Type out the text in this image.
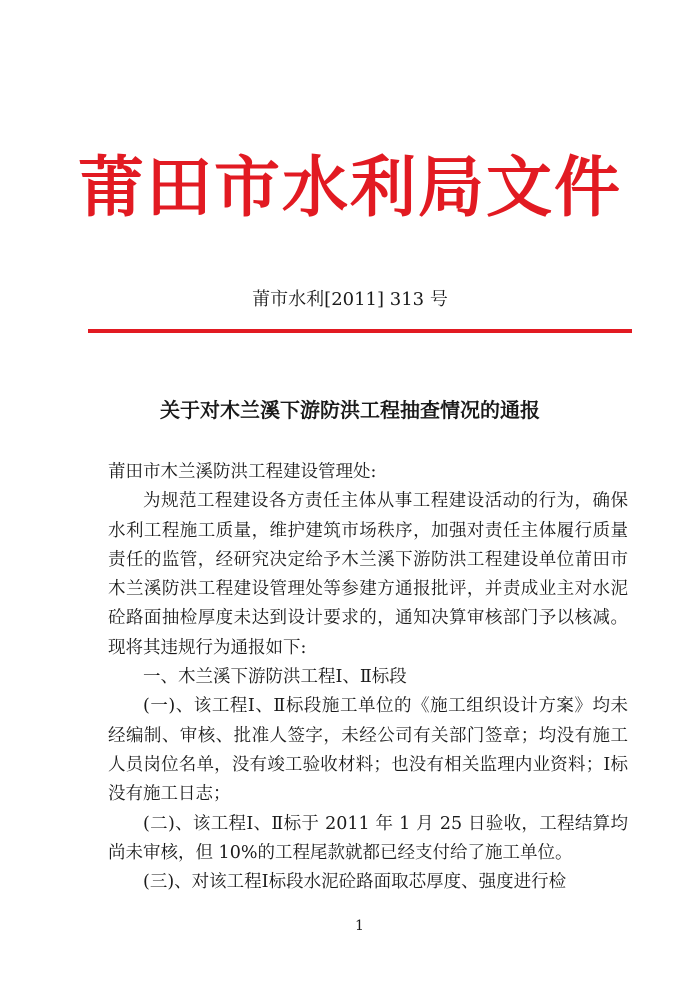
莆田市水利局文件
莆市水利[2011] 313 号
关于对木兰溪下游防洪工程抽查情况的通报

莆田市木兰溪防洪工程建设管理处:

为规范工程建设各方责任主体从事工程建设活动的行为，确保水利工程施工质量，维护建筑市场秩序，加强对责任主体履行质量责任的监管，经研究决定给予木兰溪下游防洪工程建设单位莆田市木兰溪防洪工程建设管理处等参建方通报批评，并责成业主对水泥砼路面抽检厚度未达到设计要求的，通知决算审核部门予以核减。现将其违规行为通报如下:

一、木兰溪下游防洪工程Ⅰ、Ⅱ标段

(一)、该工程Ⅰ、Ⅱ标段施工单位的《施工组织设计方案》均未经编制、审核、批准人签字，未经公司有关部门签章；均没有施工人员岗位名单，没有竣工验收材料；也没有相关监理内业资料；Ⅰ标没有施工日志；

(二)、该工程Ⅰ、Ⅱ标于 2011 年 1 月 25 日验收，工程结算均尚未审核，但 10%的工程尾款就都已经支付给了施工单位。

(三)、对该工程Ⅰ标段水泥砼路面取芯厚度、强度进行检

1
